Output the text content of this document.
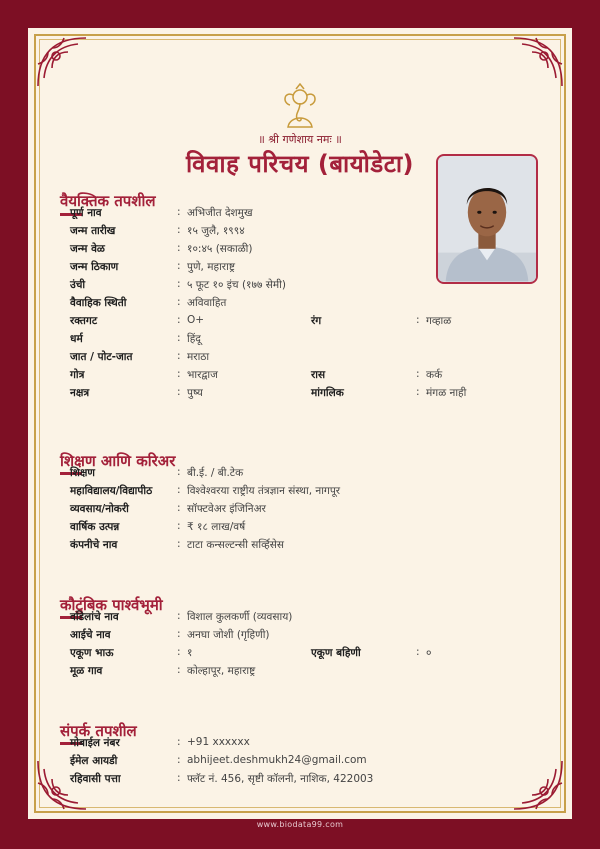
॥ श्री गणेशाय नमः ॥
विवाह परिचय (बायोडेटा)
वैयक्तिक तपशील
शिक्षण आणि करिअर
कौटुंबिक पार्श्वभूमी
संपर्क तपशील
पूर्ण नाव	: अभिजीत देशमुख
जन्म तारीख	: १५ जुलै, १९९४
जन्म वेळ	: १०:४५ (सकाळी)
जन्म ठिकाण	: पुणे, महाराष्ट्र
उंची	: ५ फूट १० इंच (१७७ सेमी)
वैवाहिक स्थिती	: अविवाहित
रक्तगट	: O+	रंग	: गव्हाळ
धर्म	: हिंदू
जात / पोट-जात	: मराठा
गोत्र	: भारद्वाज	रास	: कर्क
नक्षत्र	: पुष्य	मांगलिक	: मंगळ नाही
शिक्षण	: बी.ई. / बी.टेक
महाविद्यालय/विद्यापीठ : विश्वेश्वरया राष्ट्रीय तंत्रज्ञान संस्था, नागपूर
व्यवसाय/नोकरी	: सॉफ्टवेअर इंजिनिअर
वार्षिक उत्पन्न	: ₹ १८ लाख/वर्ष
कंपनीचे नाव	: टाटा कन्सल्टन्सी सर्व्हिसेस
वडिलांचे नाव	: विशाल कुलकर्णी (व्यवसाय)
आईचे नाव	: अनघा जोशी (गृहिणी)
एकूण भाऊ	: १	एकूण बहिणी	: ०
मूळ गाव	: कोल्हापूर, महाराष्ट्र
मोबाईल नंबर	: +91 xxxxxx
ईमेल आयडी	: abhijeet.deshmukh24@gmail.com
रहिवासी पत्ता	: फ्लॅट नं. 456, सृष्टी कॉलनी, नाशिक, 422003
www.biodata99.com
